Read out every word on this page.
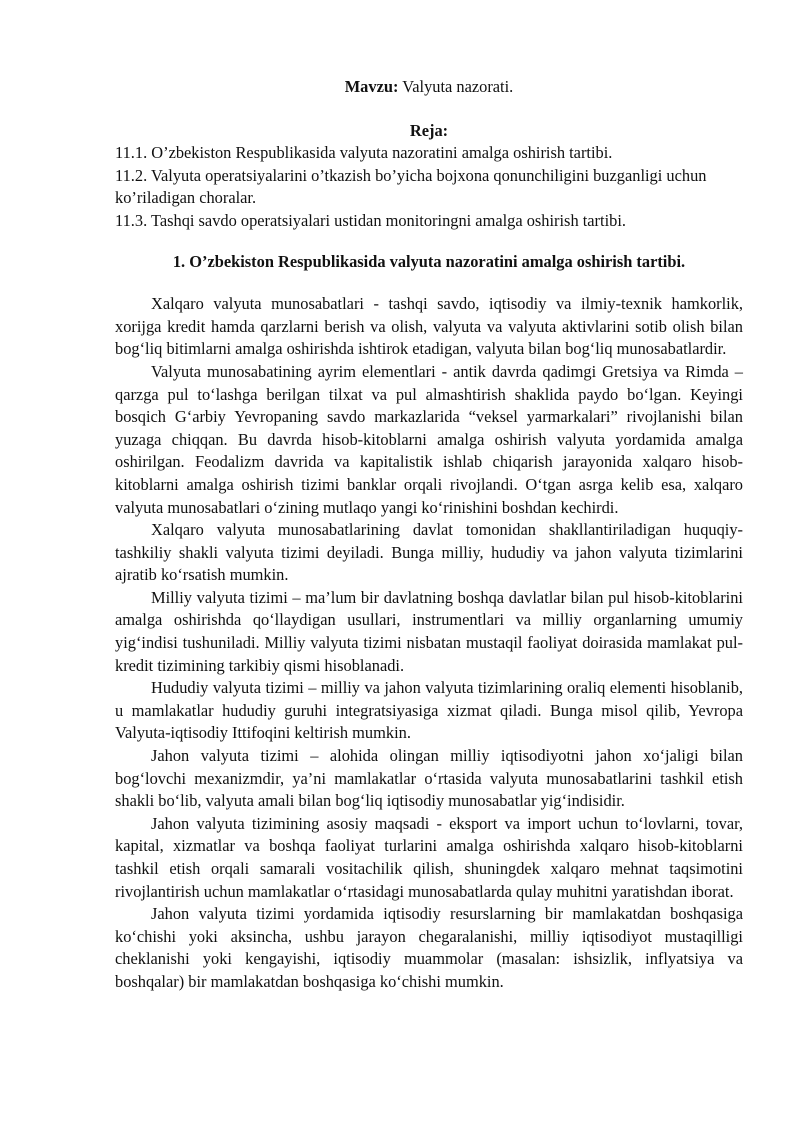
Mavzu: Valyuta nazorati.

Reja:

11.1. O’zbekiston Respublikasida valyuta nazoratini amalga oshirish tartibi.

11.2. Valyuta operatsiyalarini o’tkazish bo’yicha bojxona qonunchiligini buzganligi uchun ko’riladigan choralar.

11.3. Tashqi savdo operatsiyalari ustidan monitoringni amalga oshirish tartibi.

1. O’zbekiston Respublikasida valyuta nazoratini amalga oshirish tartibi.

Xalqaro valyuta munosabatlari - tashqi savdo, iqtisodiy va ilmiy-texnik hamkorlik, xorijga kredit hamda qarzlarni berish va olish, valyuta va valyuta aktivlarini sotib olish bilan bog‘liq bitimlarni amalga oshirishda ishtirok etadigan, valyuta bilan bog‘liq munosabatlardir.

Valyuta munosabatining ayrim elementlari - antik davrda qadimgi Gretsiya va Rimda – qarzga pul to‘lashga berilgan tilxat va pul almashtirish shaklida paydo bo‘lgan. Keyingi bosqich G‘arbiy Yevropaning savdo markazlarida “veksel yarmarkalari” rivojlanishi bilan yuzaga chiqqan. Bu davrda hisob-kitoblarni amalga oshirish valyuta yordamida amalga oshirilgan. Feodalizm davrida va kapitalistik ishlab chiqarish jarayonida xalqaro hisob-kitoblarni amalga oshirish tizimi banklar orqali rivojlandi. O‘tgan asrga kelib esa, xalqaro valyuta munosabatlari o‘zining mutlaqo yangi ko‘rinishini boshdan kechirdi.

Xalqaro valyuta munosabatlarining davlat tomonidan shakllantiriladigan huquqiy-tashkiliy shakli valyuta tizimi deyiladi. Bunga milliy, hududiy va jahon valyuta tizimlarini ajratib ko‘rsatish mumkin.

Milliy valyuta tizimi – ma’lum bir davlatning boshqa davlatlar bilan pul hisob-kitoblarini amalga oshirishda qo‘llaydigan usullari, instrumentlari va milliy organlarning umumiy yig‘indisi tushuniladi. Milliy valyuta tizimi nisbatan mustaqil faoliyat doirasida mamlakat pul-kredit tizimining tarkibiy qismi hisoblanadi.

Hududiy valyuta tizimi – milliy va jahon valyuta tizimlarining oraliq elementi hisoblanib, u mamlakatlar hududiy guruhi integratsiyasiga xizmat qiladi. Bunga misol qilib, Yevropa Valyuta-iqtisodiy Ittifoqini keltirish mumkin.

Jahon valyuta tizimi – alohida olingan milliy iqtisodiyotni jahon xo‘jaligi bilan bog‘lovchi mexanizmdir, ya’ni mamlakatlar o‘rtasida valyuta munosabatlarini tashkil etish shakli bo‘lib, valyuta amali bilan bog‘liq iqtisodiy munosabatlar yig‘indisidir.

Jahon valyuta tizimining asosiy maqsadi - eksport va import uchun to‘lovlarni, tovar, kapital, xizmatlar va boshqa faoliyat turlarini amalga oshirishda xalqaro hisob-kitoblarni tashkil etish orqali samarali vositachilik qilish, shuningdek xalqaro mehnat taqsimotini rivojlantirish uchun mamlakatlar o‘rtasidagi munosabatlarda qulay muhitni yaratishdan iborat.

Jahon valyuta tizimi yordamida iqtisodiy resurslarning bir mamlakatdan boshqasiga ko‘chishi yoki aksincha, ushbu jarayon chegaralanishi, milliy iqtisodiyot mustaqilligi cheklanishi yoki kengayishi, iqtisodiy muammolar (masalan: ishsizlik, inflyatsiya va boshqalar) bir mamlakatdan boshqasiga ko‘chishi mumkin.
